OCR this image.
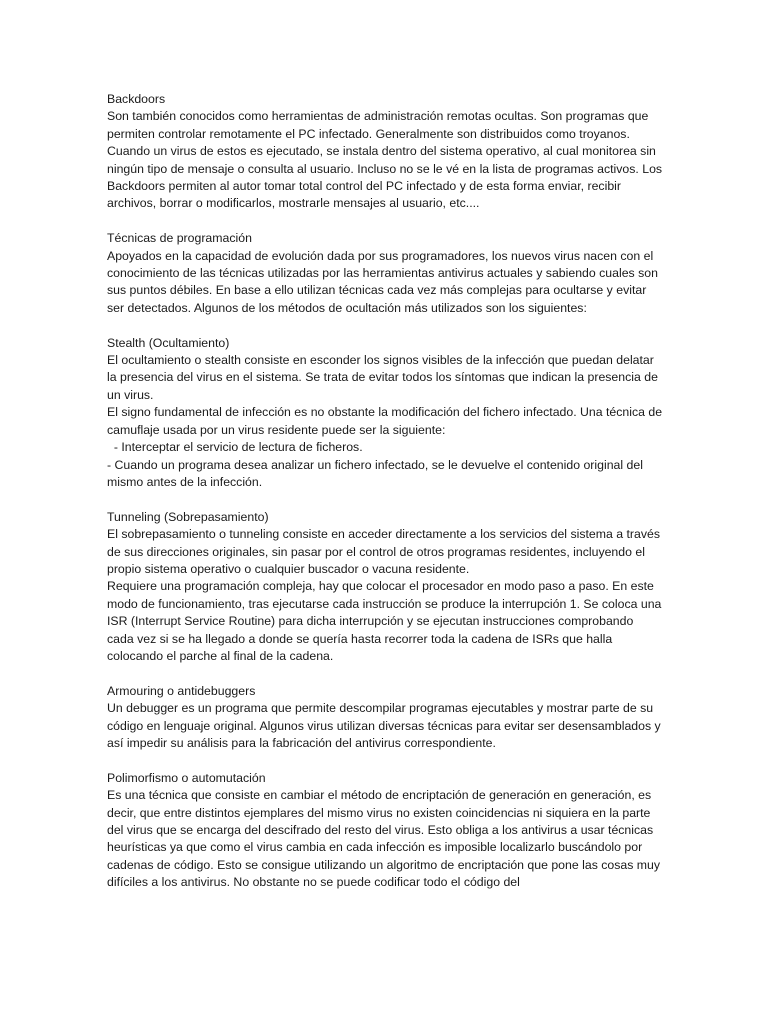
Backdoors
Son también conocidos como herramientas de administración remotas ocultas. Son programas que permiten controlar remotamente el PC infectado. Generalmente son distribuidos como troyanos.
Cuando un virus de estos es ejecutado, se instala dentro del sistema operativo, al cual monitorea sin ningún tipo de mensaje o consulta al usuario. Incluso no se le vé en la lista de programas activos. Los Backdoors permiten al autor tomar total control del PC infectado y de esta forma enviar, recibir archivos, borrar o modificarlos, mostrarle mensajes al usuario, etc....
Técnicas de programación
Apoyados en la capacidad de evolución dada por sus programadores, los nuevos virus nacen con el conocimiento de las técnicas utilizadas por las herramientas antivirus actuales y sabiendo cuales son sus puntos débiles. En base a ello utilizan técnicas cada vez más complejas para ocultarse y evitar ser detectados. Algunos de los métodos de ocultación más utilizados son los siguientes:
Stealth (Ocultamiento)
El ocultamiento o stealth consiste en esconder los signos visibles de la infección que puedan delatar la presencia del virus en el sistema. Se trata de evitar todos los síntomas que indican la presencia de un virus.
El signo fundamental de infección es no obstante la modificación del fichero infectado. Una técnica de camuflaje usada por un virus residente puede ser la siguiente:
- Interceptar el servicio de lectura de ficheros.
- Cuando un programa desea analizar un fichero infectado, se le devuelve el contenido original del mismo antes de la infección.
Tunneling (Sobrepasamiento)
El sobrepasamiento o tunneling consiste en acceder directamente a los servicios del sistema a través de sus direcciones originales, sin pasar por el control de otros programas residentes, incluyendo el propio sistema operativo o cualquier buscador o vacuna residente.
Requiere una programación compleja, hay que colocar el procesador en modo paso a paso. En este modo de funcionamiento, tras ejecutarse cada instrucción se produce la interrupción 1. Se coloca una ISR (Interrupt Service Routine) para dicha interrupción y se ejecutan instrucciones comprobando cada vez si se ha llegado a donde se quería hasta recorrer toda la cadena de ISRs que halla colocando el parche al final de la cadena.
Armouring o antidebuggers
Un debugger es un programa que permite descompilar programas ejecutables y mostrar parte de su código en lenguaje original. Algunos virus utilizan diversas técnicas para evitar ser desensamblados y así impedir su análisis para la fabricación del antivirus correspondiente.
Polimorfismo o automutación
Es una técnica que consiste en cambiar el método de encriptación de generación en generación, es decir, que entre distintos ejemplares del mismo virus no existen coincidencias ni siquiera en la parte del virus que se encarga del descifrado del resto del virus. Esto obliga a los antivirus a usar técnicas heurísticas ya que como el virus cambia en cada infección es imposible localizarlo buscándolo por cadenas de código. Esto se consigue utilizando un algoritmo de encriptación que pone las cosas muy difíciles a los antivirus. No obstante no se puede codificar todo el código del
